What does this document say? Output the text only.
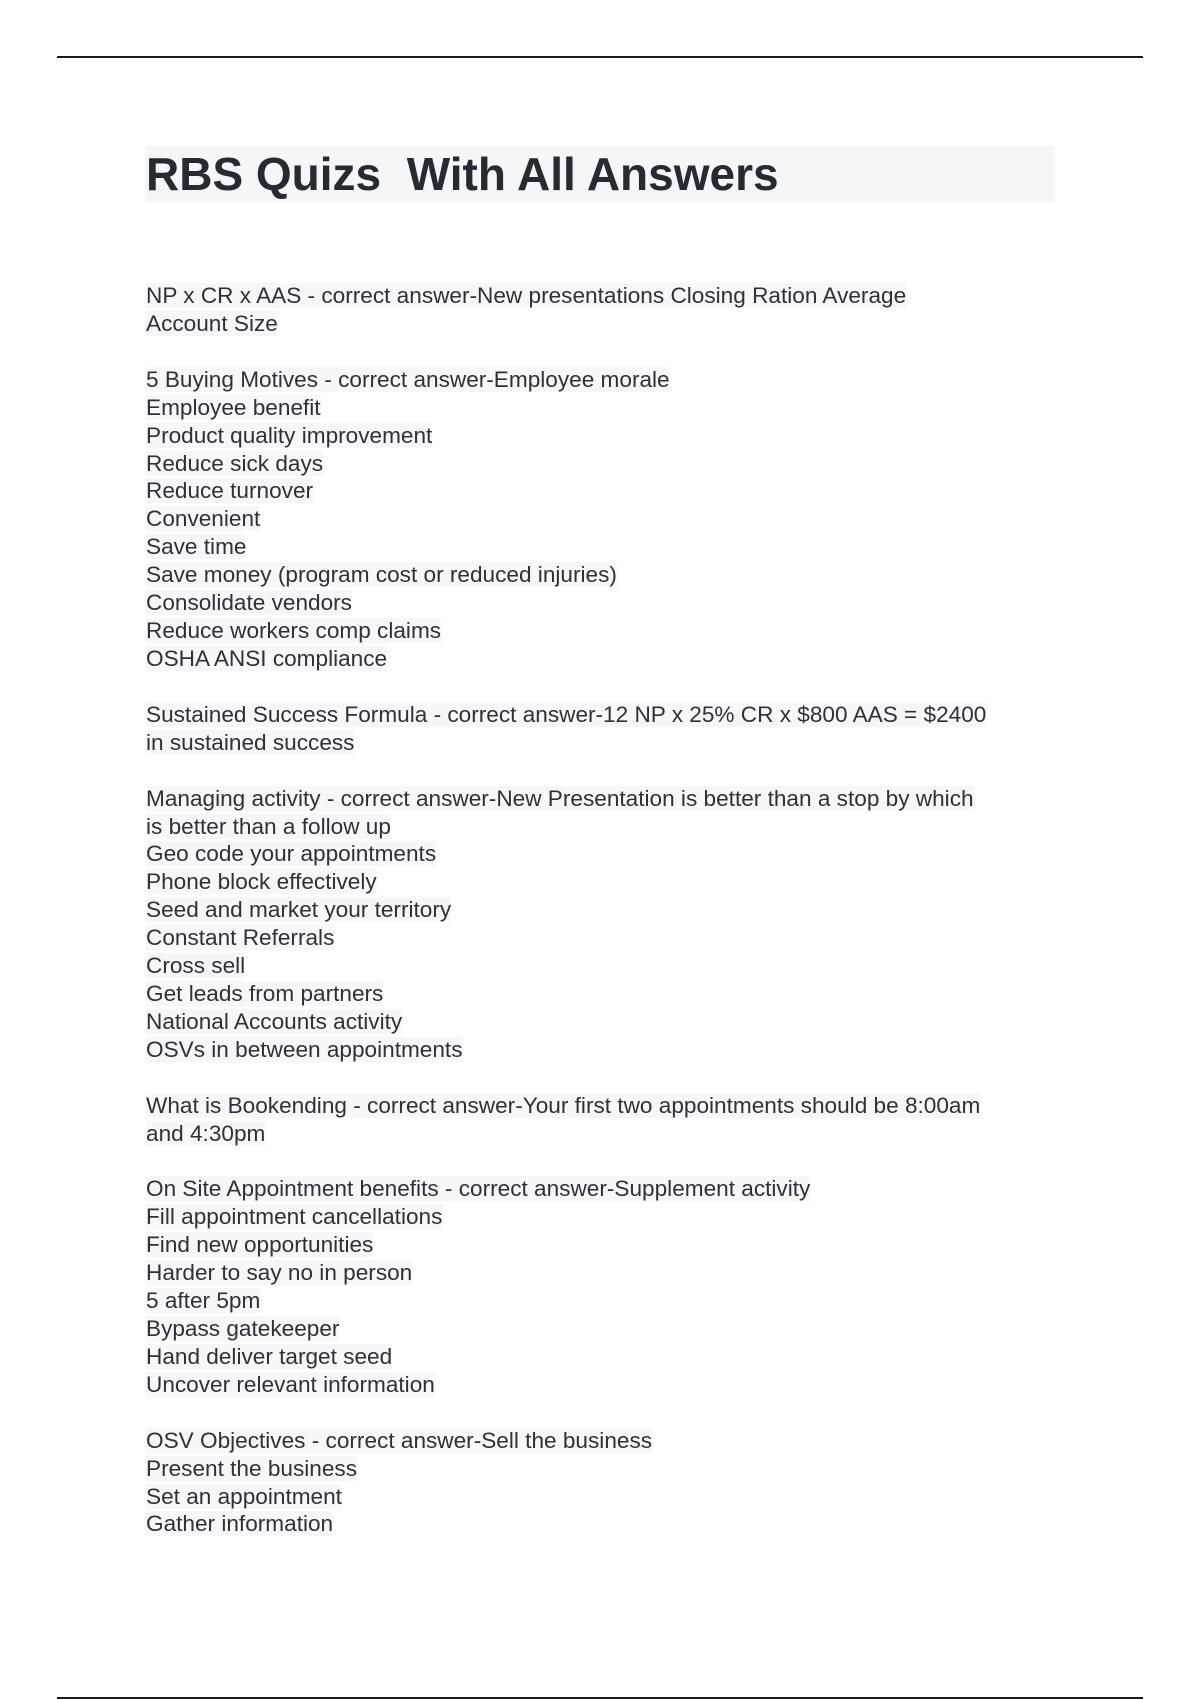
RBS Quizs  With All Answers
NP x CR x AAS - correct answer-New presentations Closing Ration Average
Account Size
5 Buying Motives - correct answer-Employee morale
Employee benefit
Product quality improvement
Reduce sick days
Reduce turnover
Convenient
Save time
Save money (program cost or reduced injuries)
Consolidate vendors
Reduce workers comp claims
OSHA ANSI compliance
Sustained Success Formula - correct answer-12 NP x 25% CR x $800 AAS = $2400
in sustained success
Managing activity - correct answer-New Presentation is better than a stop by which
is better than a follow up
Geo code your appointments
Phone block effectively
Seed and market your territory
Constant Referrals
Cross sell
Get leads from partners
National Accounts activity
OSVs in between appointments
What is Bookending - correct answer-Your first two appointments should be 8:00am
and 4:30pm
On Site Appointment benefits - correct answer-Supplement activity
Fill appointment cancellations
Find new opportunities
Harder to say no in person
5 after 5pm
Bypass gatekeeper
Hand deliver target seed
Uncover relevant information
OSV Objectives - correct answer-Sell the business
Present the business
Set an appointment
Gather information
